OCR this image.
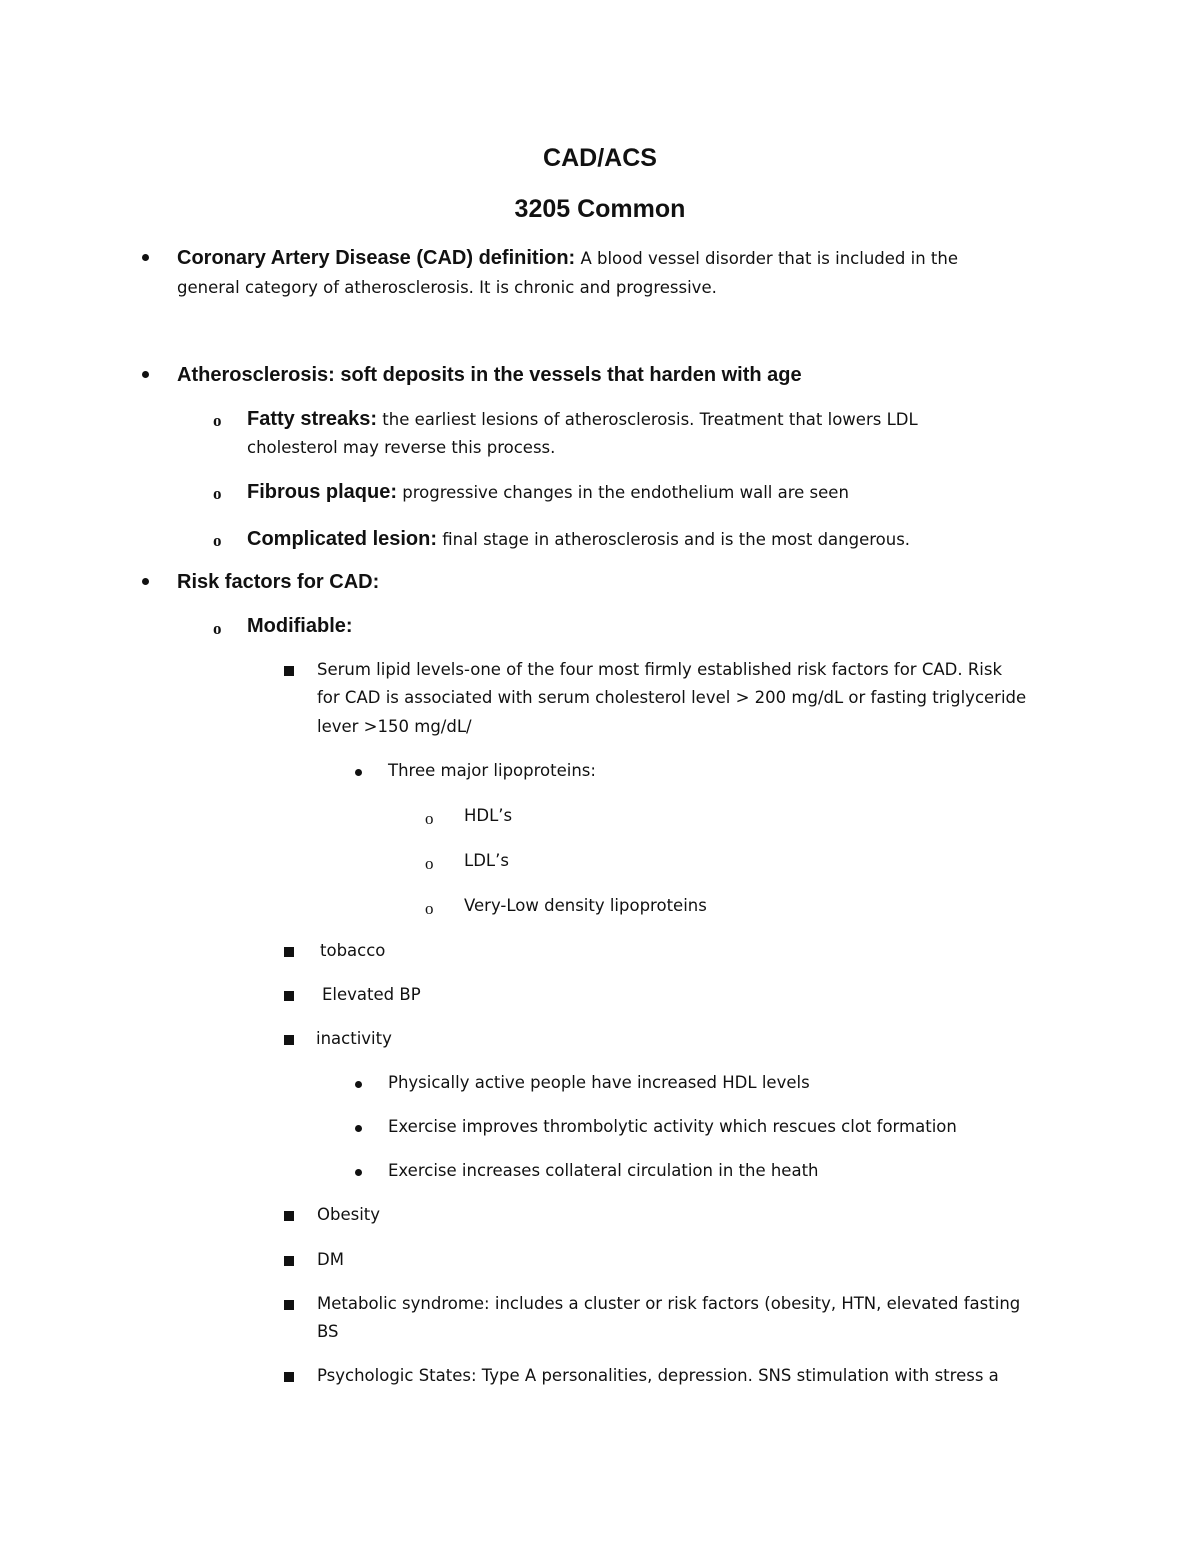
CAD/ACS
3205 Common
Coronary Artery Disease (CAD) definition: A blood vessel disorder that is included in the
general category of atherosclerosis. It is chronic and progressive.
Atherosclerosis: soft deposits in the vessels that harden with age
o Fatty streaks: the earliest lesions of atherosclerosis. Treatment that lowers LDL
cholesterol may reverse this process.
o Fibrous plaque: progressive changes in the endothelium wall are seen
o Complicated lesion: final stage in atherosclerosis and is the most dangerous.
Risk factors for CAD:
o Modifiable:
Serum lipid levels-one of the four most firmly established risk factors for CAD. Risk
for CAD is associated with serum cholesterol level > 200 mg/dL or fasting triglyceride
lever >150 mg/dL/
Three major lipoproteins:
o HDL’s
o LDL’s
o Very-Low density lipoproteins
tobacco
Elevated BP
inactivity
Physically active people have increased HDL levels
Exercise improves thrombolytic activity which rescues clot formation
Exercise increases collateral circulation in the heath
Obesity
DM
Metabolic syndrome: includes a cluster or risk factors (obesity, HTN, elevated fasting
BS
Psychologic States: Type A personalities, depression. SNS stimulation with stress a
